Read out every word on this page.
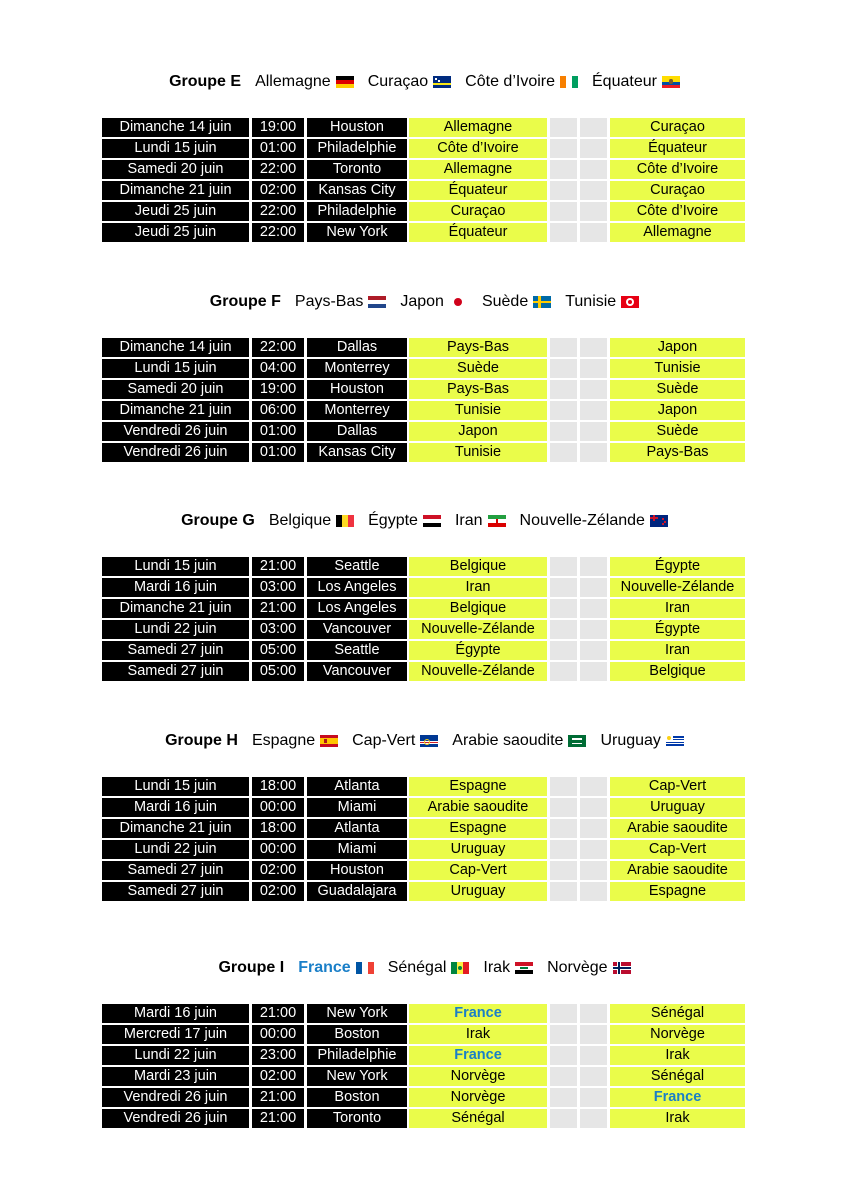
Groupe E Allemagne Curaçao Côte d’Ivoire Équateur
Dimanche 14 juin	19:00	Houston	Allemagne			Curaçao
Lundi 15 juin	01:00	Philadelphie	Côte d’Ivoire			Équateur
Samedi 20 juin	22:00	Toronto	Allemagne			Côte d’Ivoire
Dimanche 21 juin	02:00	Kansas City	Équateur			Curaçao
Jeudi 25 juin	22:00	Philadelphie	Curaçao			Côte d’Ivoire
Jeudi 25 juin	22:00	New York	Équateur			Allemagne
Groupe F Pays-Bas Japon Suède Tunisie
Dimanche 14 juin	22:00	Dallas	Pays-Bas			Japon
Lundi 15 juin	04:00	Monterrey	Suède			Tunisie
Samedi 20 juin	19:00	Houston	Pays-Bas			Suède
Dimanche 21 juin	06:00	Monterrey	Tunisie			Japon
Vendredi 26 juin	01:00	Dallas	Japon			Suède
Vendredi 26 juin	01:00	Kansas City	Tunisie			Pays-Bas
Groupe G Belgique Égypte Iran Nouvelle-Zélande
Lundi 15 juin	21:00	Seattle	Belgique			Égypte
Mardi 16 juin	03:00	Los Angeles	Iran			Nouvelle-Zélande
Dimanche 21 juin	21:00	Los Angeles	Belgique			Iran
Lundi 22 juin	03:00	Vancouver	Nouvelle-Zélande			Égypte
Samedi 27 juin	05:00	Seattle	Égypte			Iran
Samedi 27 juin	05:00	Vancouver	Nouvelle-Zélande			Belgique
Groupe H Espagne Cap-Vert Arabie saoudite Uruguay
Lundi 15 juin	18:00	Atlanta	Espagne			Cap-Vert
Mardi 16 juin	00:00	Miami	Arabie saoudite			Uruguay
Dimanche 21 juin	18:00	Atlanta	Espagne			Arabie saoudite
Lundi 22 juin	00:00	Miami	Uruguay			Cap-Vert
Samedi 27 juin	02:00	Houston	Cap-Vert			Arabie saoudite
Samedi 27 juin	02:00	Guadalajara	Uruguay			Espagne
Groupe I France Sénégal Irak Norvège
Mardi 16 juin	21:00	New York	France			Sénégal
Mercredi 17 juin	00:00	Boston	Irak			Norvège
Lundi 22 juin	23:00	Philadelphie	France			Irak
Mardi 23 juin	02:00	New York	Norvège			Sénégal
Vendredi 26 juin	21:00	Boston	Norvège			France
Vendredi 26 juin	21:00	Toronto	Sénégal			Irak
